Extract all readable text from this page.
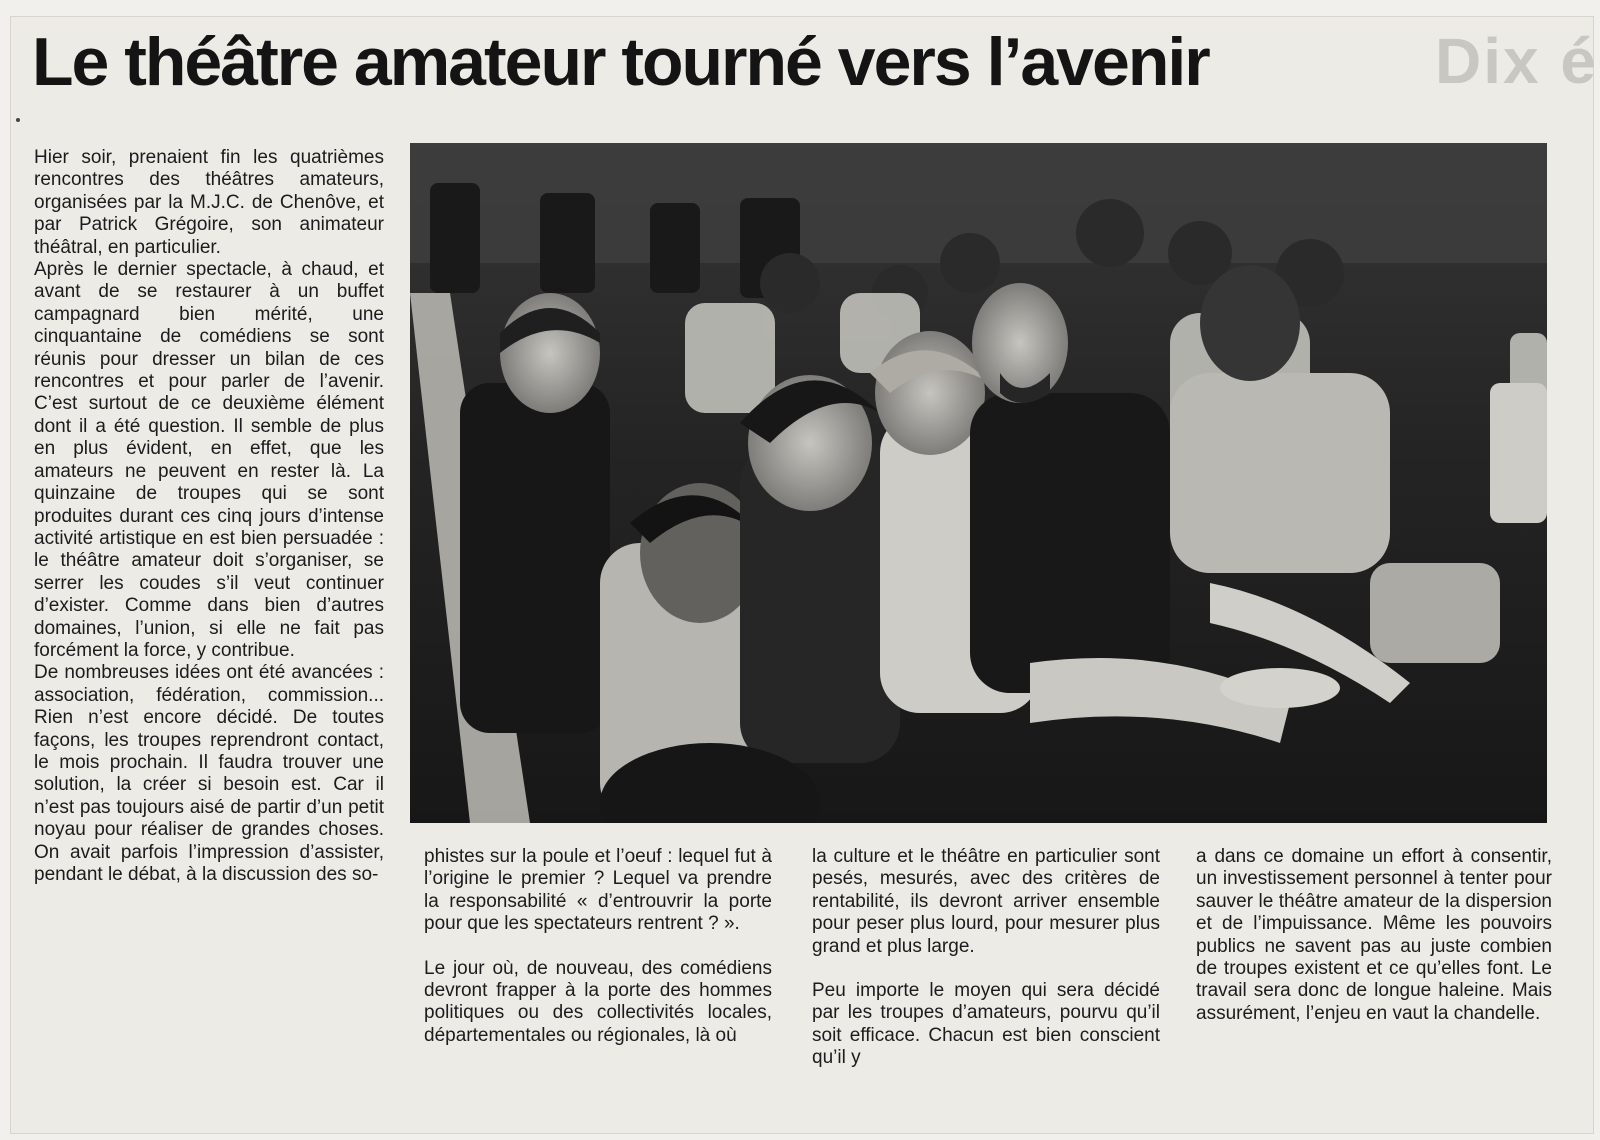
Dix é
Le théâtre amateur tourné vers l’avenir

Hier soir, prenaient fin les quatrièmes rencontres des théâtres amateurs, organisées par la M.J.C. de Chenôve, et par Patrick Grégoire, son animateur théâtral, en particulier.

Après le dernier spectacle, à chaud, et avant de se restaurer à un buffet campagnard bien mérité, une cinquantaine de comédiens se sont réunis pour dresser un bilan de ces rencontres et pour parler de l’avenir. C’est surtout de ce deuxième élément dont il a été question. Il semble de plus en plus évident, en effet, que les amateurs ne peuvent en rester là. La quinzaine de troupes qui se sont produites durant ces cinq jours d’intense activité artistique en est bien persuadée : le théâtre amateur doit s’organiser, se serrer les coudes s’il veut continuer d’exister. Comme dans bien d’autres domaines, l’union, si elle ne fait pas forcément la force, y contribue.

De nombreuses idées ont été avancées : association, fédération, commission... Rien n’est encore décidé. De toutes façons, les troupes reprendront contact, le mois prochain. Il faudra trouver une solution, la créer si besoin est. Car il n’est pas toujours aisé de partir d’un petit noyau pour réaliser de grandes choses. On avait parfois l’impression d’assister, pendant le débat, à la discussion des so-

phistes sur la poule et l’oeuf : lequel fut à l’origine le premier ? Lequel va prendre la responsabilité « d’entrouvrir la porte pour que les spectateurs rentrent ? ».

Le jour où, de nouveau, des comédiens devront frapper à la porte des hommes politiques ou des collectivités locales, départementales ou régionales, là où

la culture et le théâtre en particulier sont pesés, mesurés, avec des critères de rentabilité, ils devront arriver ensemble pour peser plus lourd, pour mesurer plus grand et plus large.

Peu importe le moyen qui sera décidé par les troupes d’amateurs, pourvu qu’il soit efficace. Chacun est bien conscient qu’il y

a dans ce domaine un effort à consentir, un investissement personnel à tenter pour sauver le théâtre amateur de la dispersion et de l’impuissance. Même les pouvoirs publics ne savent pas au juste combien de troupes existent et ce qu’elles font. Le travail sera donc de longue haleine. Mais assurément, l’enjeu en vaut la chandelle.
